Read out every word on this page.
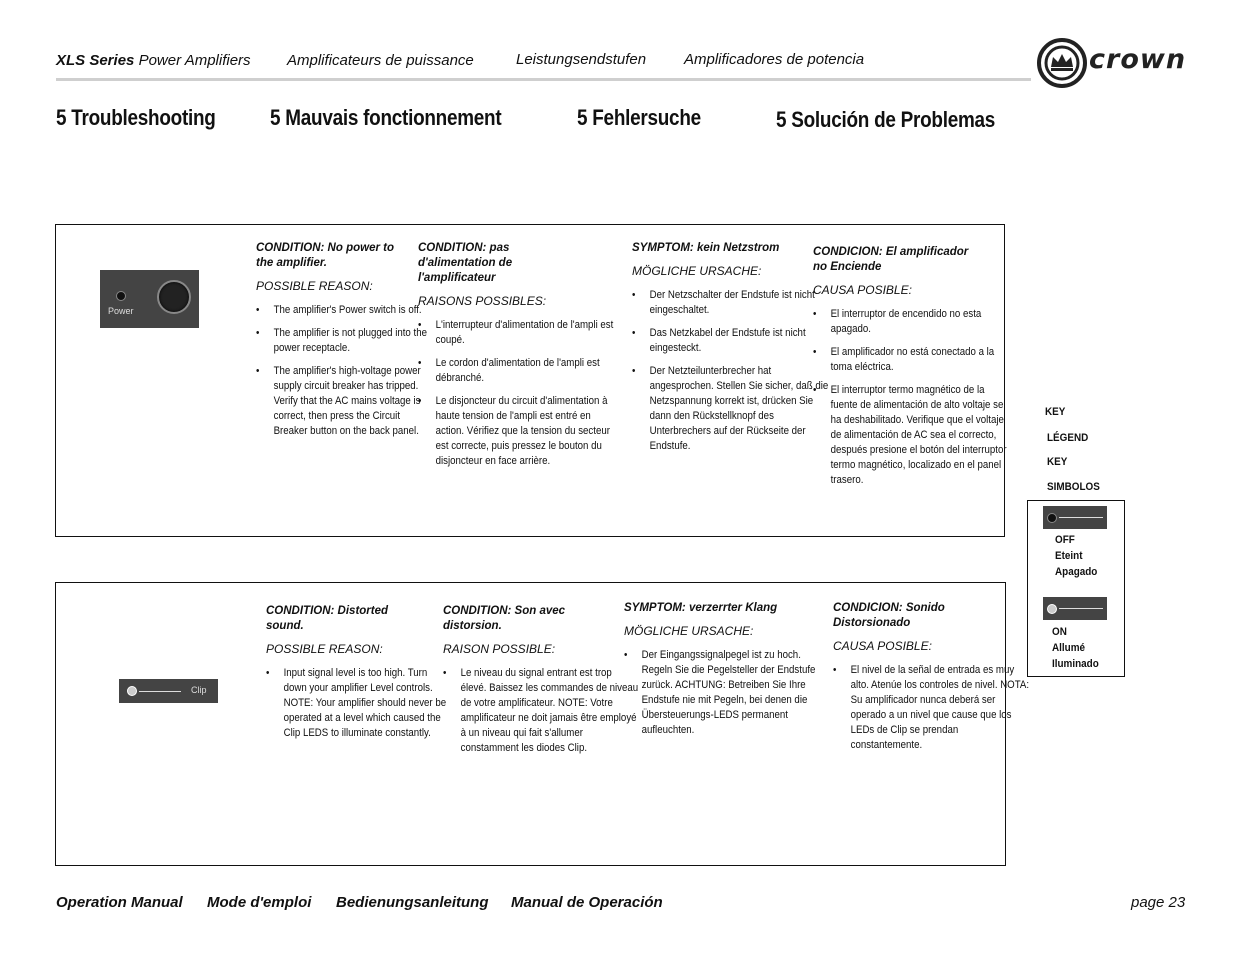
XLS Series Power Amplifiers Amplificateurs de puissance	Leistungsendstufen	Amplificadores de potencia	crown
5 Troubleshooting 5 Mauvais fonctionnement	5 Fehlersuche	5 Solución de Problemas
Power

CONDITION: No power to the amplifier.

POSSIBLE REASON:

• The amplifier's Power switch is off.
• The amplifier is not plugged into the power receptacle.
• The amplifier's high-voltage power supply circuit breaker has tripped. Verify that the AC mains voltage is correct, then press the Circuit Breaker button on the back panel.

CONDITION: pas d'alimentation de l'amplificateur

RAISONS POSSIBLES:

• L'interrupteur d'alimentation de l'ampli est coupé.
• Le cordon d'alimentation de l'ampli est débranché.
• Le disjoncteur du circuit d'alimentation à haute tension de l'ampli est entré en action. Vérifiez que la tension du secteur est correcte, puis pressez le bouton du disjoncteur en face arrière.

SYMPTOM: kein Netzstrom

MÖGLICHE URSACHE:

• Der Netzschalter der Endstufe ist nicht eingeschaltet.
• Das Netzkabel der Endstufe ist nicht eingesteckt.
• Der Netzteilunterbrecher hat angesprochen. Stellen Sie sicher, daß die Netzspannung korrekt ist, drücken Sie dann den Rückstellknopf des Unterbrechers auf der Rückseite der Endstufe.

CONDICION: El amplificador no Enciende

CAUSA POSIBLE:

• El interruptor de encendido no esta apagado.
• El amplificador no está conectado a la toma eléctrica.
• El interruptor termo magnético de la fuente de alimentación de alto voltaje se ha deshabilitado. Verifique que el voltaje de alimentación de AC sea el correcto, después presione el botón del interruptor termo magnético, localizado en el panel trasero.
Clip

CONDITION: Distorted sound.

POSSIBLE REASON:

• Input signal level is too high. Turn down your amplifier Level controls. NOTE: Your amplifier should never be operated at a level which caused the Clip LEDS to illuminate constantly.

CONDITION: Son avec distorsion.

RAISON POSSIBLE:

• Le niveau du signal entrant est trop élevé. Baissez les commandes de niveau de votre amplificateur. NOTE: Votre amplificateur ne doit jamais être employé à un niveau qui fait s'allumer constamment les diodes Clip.

SYMPTOM: verzerrter Klang

MÖGLICHE URSACHE:

• Der Eingangssignalpegel ist zu hoch. Regeln Sie die Pegelsteller der Endstufe zurück. ACHTUNG: Betreiben Sie Ihre Endstufe nie mit Pegeln, bei denen die Übersteuerungs-LEDS permanent aufleuchten.

CONDICION: Sonido Distorsionado

CAUSA POSIBLE:

• El nivel de la señal de entrada es muy alto. Atenúe los controles de nivel. NOTA: Su amplificador nunca deberá ser operado a un nivel que cause que los LEDs de Clip se prendan constantemente.
KEY
LÉGEND
KEY
SIMBOLOS
OFF
Eteint
Apagado
ON
Allumé
Iluminado
Operation Manual Mode d'emploi Bedienungsanleitung Manual de Operación	page 23
